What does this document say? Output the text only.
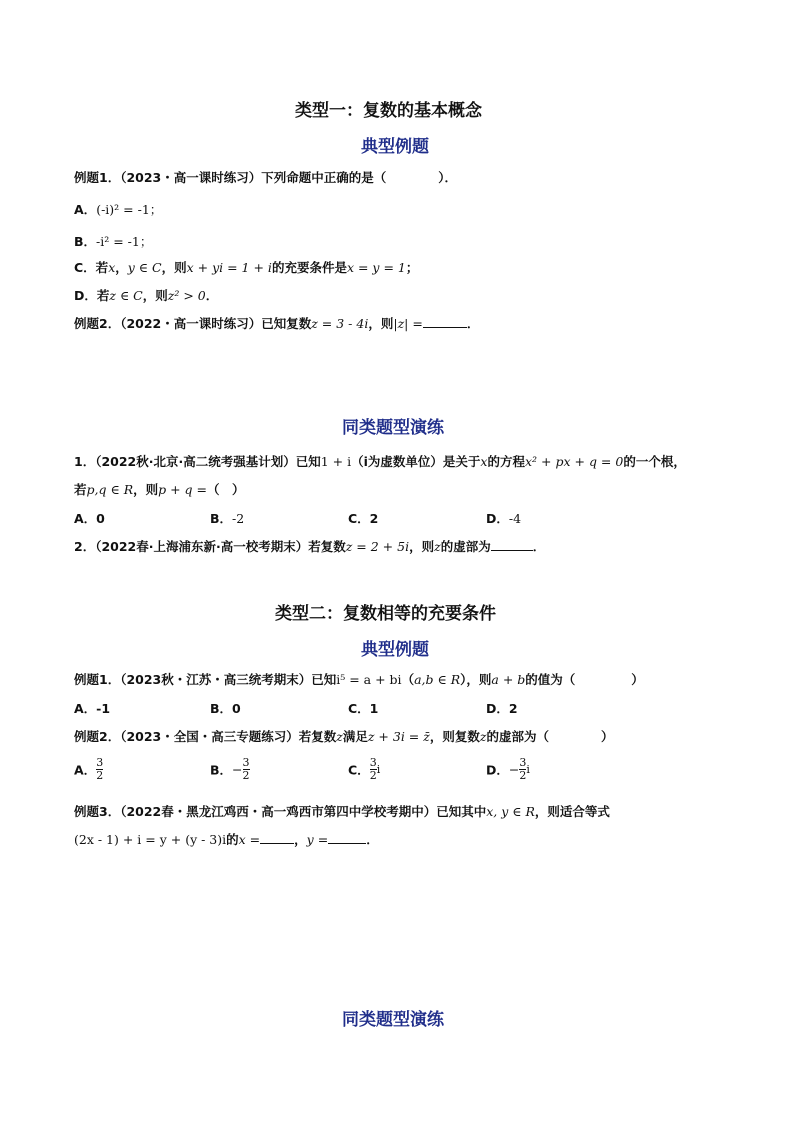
类型一：复数的基本概念
典型例题
例题1．（2023・高一课时练习）下列命题中正确的是（	）．
A．(-i)² = -1；
B．-i² = -1；
C．若x，y ∈ C，则x + yi = 1 + i的充要条件是x = y = 1；
D．若z ∈ C，则z² > 0．
例题2．（2022・高一课时练习）已知复数z = 3 - 4i，则|z| =	．
同类题型演练
1．（2022秋·北京·高二统考强基计划）已知1 + i（i为虚数单位）是关于x的方程x² + px + q = 0的一个根，
若p,q ∈ R，则p + q =（　）
A．0	B．-2	C．2	D．-4
2．（2022春·上海浦东新·高一校考期末）若复数z = 2 + 5i，则z的虚部为	．
类型二：复数相等的充要条件
典型例题
例题1．（2023秋・江苏・高三统考期末）已知i⁵ = a + bi（a,b ∈ R），则a + b的值为（	）
A．-1	B．0	C．1	D．2
例题2．（2023・全国・高三专题练习）若复数z满足z + 3i = z̄，则复数z的虚部为（	）
A． $\frac{3}{2}$	B．− $\frac{3}{2}$	C． $\frac{3}{2}$ i	D．− $\frac{3}{2}$ i
例题3．（2022春・黑龙江鸡西・高一鸡西市第四中学校考期中）已知其中x, y ∈ R，则适合等式
(2x - 1) + i = y + (y - 3)i的x =	，y =	．
同类题型演练
